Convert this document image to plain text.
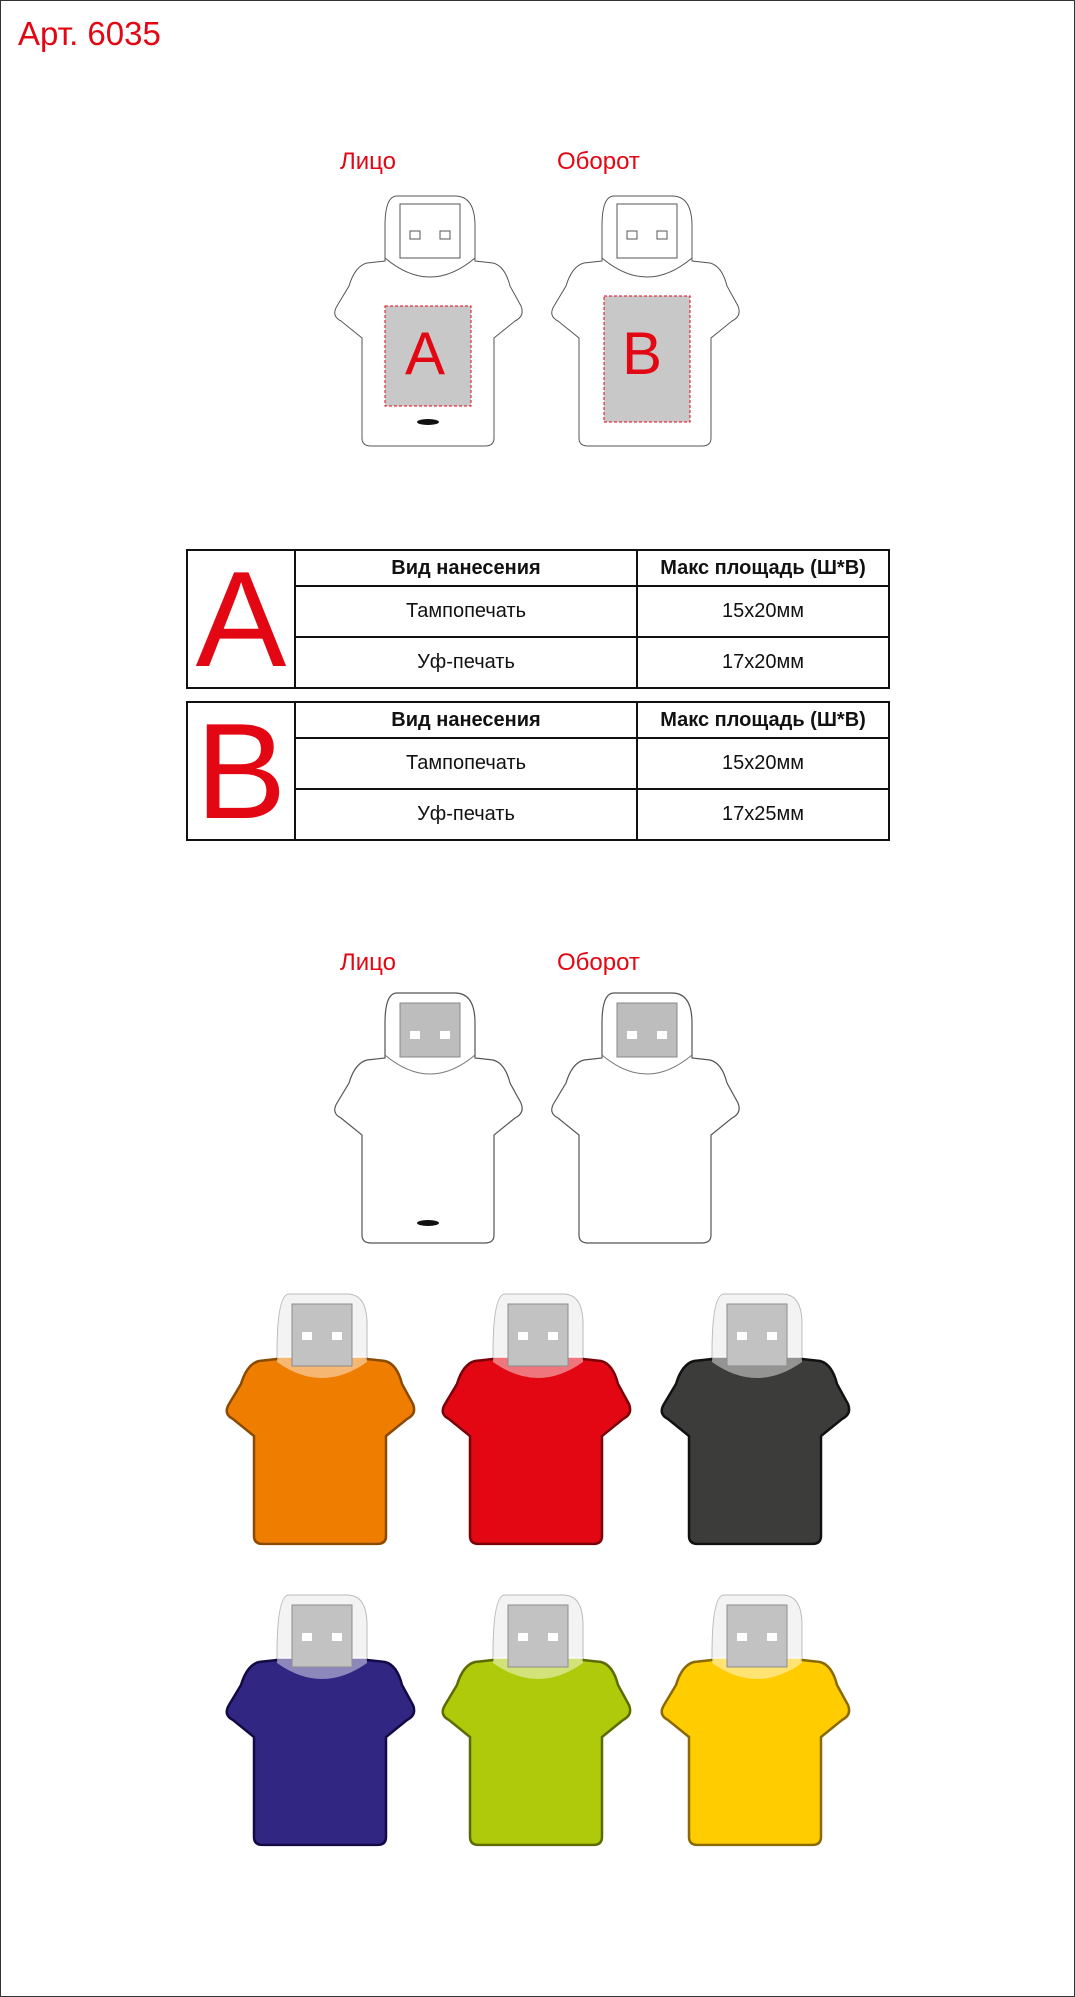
Арт. 6035
Лицо	Оборот
A	B
A	Вид нанесения	Макс площадь (Ш*В)
	Тампопечать	15x20мм
	Уф-печать	17x20мм
B	Вид нанесения	Макс площадь (Ш*В)
	Тампопечать	15x20мм
	Уф-печать	17x25мм
Лицо	Оборот
